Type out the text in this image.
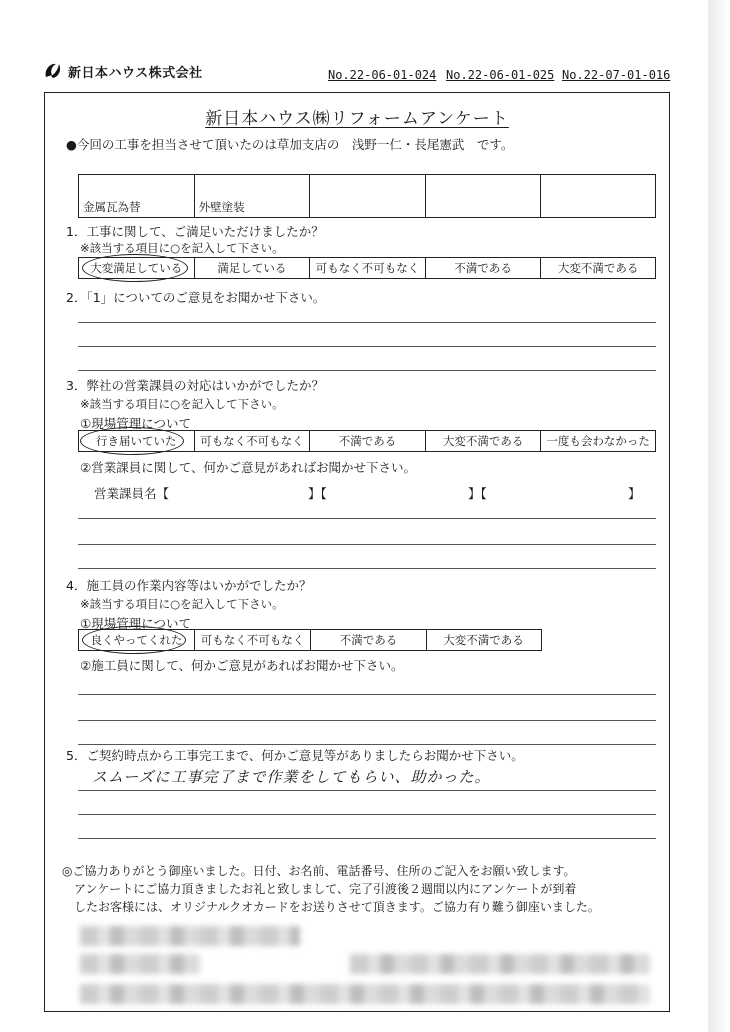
新日本ハウス株式会社	No.22-06-01-024 No.22-06-01-025 No.22-07-01-016
新日本ハウス㈱リフォームアンケート
●今回の工事を担当させて頂いたのは草加支店の　浅野一仁・長尾憲武　です。
金属瓦為替	外壁塗装
1．工事に関して、ご満足いただけましたか？
※該当する項目に○を記入して下さい。
大変満足している	満足している	可もなく不可もなく	不満である	大変不満である
2．「1」についてのご意見をお聞かせ下さい。
3．弊社の営業課員の対応はいかがでしたか？
※該当する項目に○を記入して下さい。
①現場管理について
行き届いていた	可もなく不可もなく	不満である	大変不満である	一度も会わなかった
②営業課員に関して、何かご意見があればお聞かせ下さい。
営業課員名【	】【	】【	】
4．施工員の作業内容等はいかがでしたか？
※該当する項目に○を記入して下さい。
①現場管理について
良くやってくれた	可もなく不可もなく	不満である	大変不満である
②施工員に関して、何かご意見があればお聞かせ下さい。
5．ご契約時点から工事完工まで、何かご意見等がありましたらお聞かせ下さい。
スムーズに工事完了まで作業をしてもらい、助かった。
◎ご協力ありがとう御座いました。日付、お名前、電話番号、住所のご記入をお願い致します。
アンケートにご協力頂きましたお礼と致しまして、完了引渡後２週間以内にアンケートが到着
したお客様には、オリジナルクオカードをお送りさせて頂きます。ご協力有り難う御座いました。
